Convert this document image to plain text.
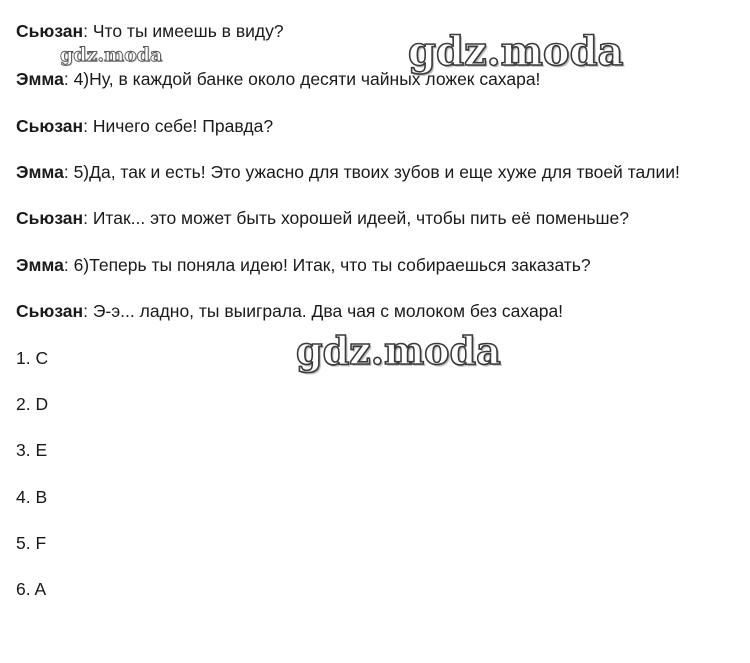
Сьюзан: Что ты имеешь в виду?
Эмма: 4)Ну, в каждой банке около десяти чайных ложек сахара!
Сьюзан: Ничего себе! Правда?
Эмма: 5)Да, так и есть! Это ужасно для твоих зубов и еще хуже для твоей талии!
Сьюзан: Итак... это может быть хорошей идеей, чтобы пить её поменьше?
Эмма: 6)Теперь ты поняла идею! Итак, что ты собираешься заказать?
Сьюзан: Э-э... ладно, ты выиграла. Два чая с молоком без сахара!
1. C
2. D
3. E
4. B
5. F
6. A
gdz.moda	gdz.moda
gdz.moda
